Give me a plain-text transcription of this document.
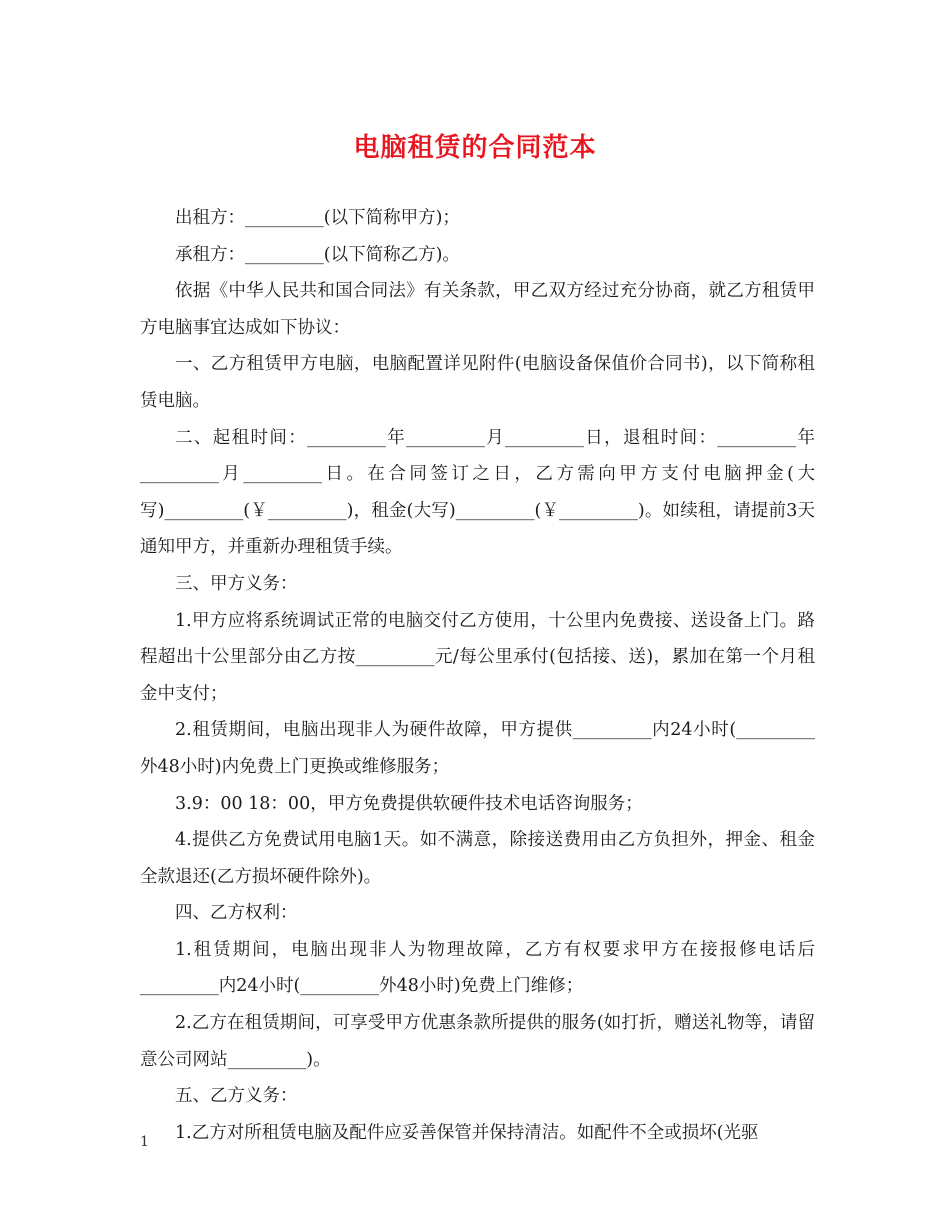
电脑租赁的合同范本

出租方：_________(以下简称甲方)；

承租方：_________(以下简称乙方)。

依据《中华人民共和国合同法》有关条款，甲乙双方经过充分协商，就乙方租赁甲方电脑事宜达成如下协议：

一、乙方租赁甲方电脑，电脑配置详见附件(电脑设备保值价合同书)，以下简称租赁电脑。

二、起租时间：_________年_________月_________日，退租时间：_________年_________月_________日。在合同签订之日，乙方需向甲方支付电脑押金(大写)_________(￥_________)，租金(大写)_________(￥_________)。如续租，请提前3天通知甲方，并重新办理租赁手续。

三、甲方义务：

1.甲方应将系统调试正常的电脑交付乙方使用，十公里内免费接、送设备上门。路程超出十公里部分由乙方按_________元/每公里承付(包括接、送)，累加在第一个月租金中支付；

2.租赁期间，电脑出现非人为硬件故障，甲方提供_________内24小时(_________外48小时)内免费上门更换或维修服务；

3.9：00 18：00，甲方免费提供软硬件技术电话咨询服务；

4.提供乙方免费试用电脑1天。如不满意，除接送费用由乙方负担外，押金、租金全款退还(乙方损坏硬件除外)。

四、乙方权利：

1.租赁期间，电脑出现非人为物理故障，乙方有权要求甲方在接报修电话后_________内24小时(_________外48小时)免费上门维修；

2.乙方在租赁期间，可享受甲方优惠条款所提供的服务(如打折，赠送礼物等，请留意公司网站_________)。

五、乙方义务：

1.乙方对所租赁电脑及配件应妥善保管并保持清洁。如配件不全或损坏(光驱

1
